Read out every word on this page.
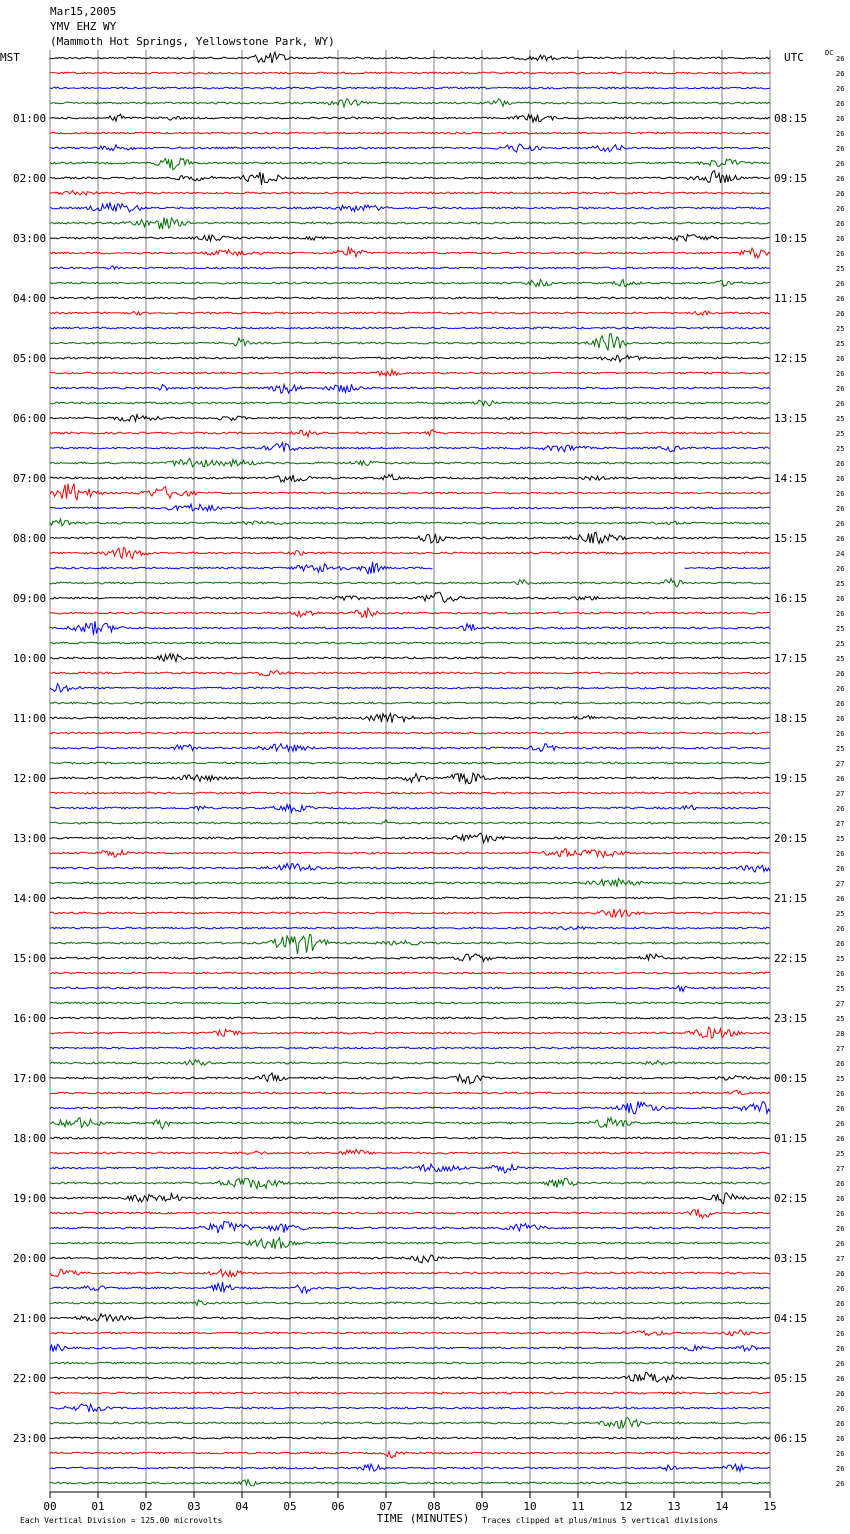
Mar15,2005
YMV EHZ WY
(Mammoth Hot Springs, Yellowstone Park, WY)
MST	UTC	DC
01:00
02:00
03:00
04:00
05:00
06:00
07:00
08:00
09:00
10:00
11:00
12:00
13:00
14:00
15:00
16:00
17:00
18:00
19:00
20:00
21:00
22:00
23:00
08:15
09:15
10:15
11:15
12:15
13:15
14:15
15:15
16:15
17:15
18:15
19:15
20:15
21:15
22:15
23:15
00:15
01:15
02:15
03:15
04:15
05:15
06:15
26
26
26
26
26
26
26
26
26
26
26
26
26
26
25
26
26
26
25
25
26
26
26
26
25
25
25
26
26
26
26
26
26
24
26
25
26
26
25
25
25
26
26
26
26
26
25
27
26
27
26
27
25
26
26
27
26
25
26
26
25
26
25
27
25
28
27
26
25
26
26
26
26
25
27
26
26
26
26
26
27
26
26
26
26
26
26
26
26
26
26
26
26
26
26
26
00	01	02	03	04	05	06	07	08	09	10	11	12	13	14	15
TIME (MINUTES)
Each Vertical Division = 125.00 microvolts	Traces clipped at plus/minus 5 vertical divisions
